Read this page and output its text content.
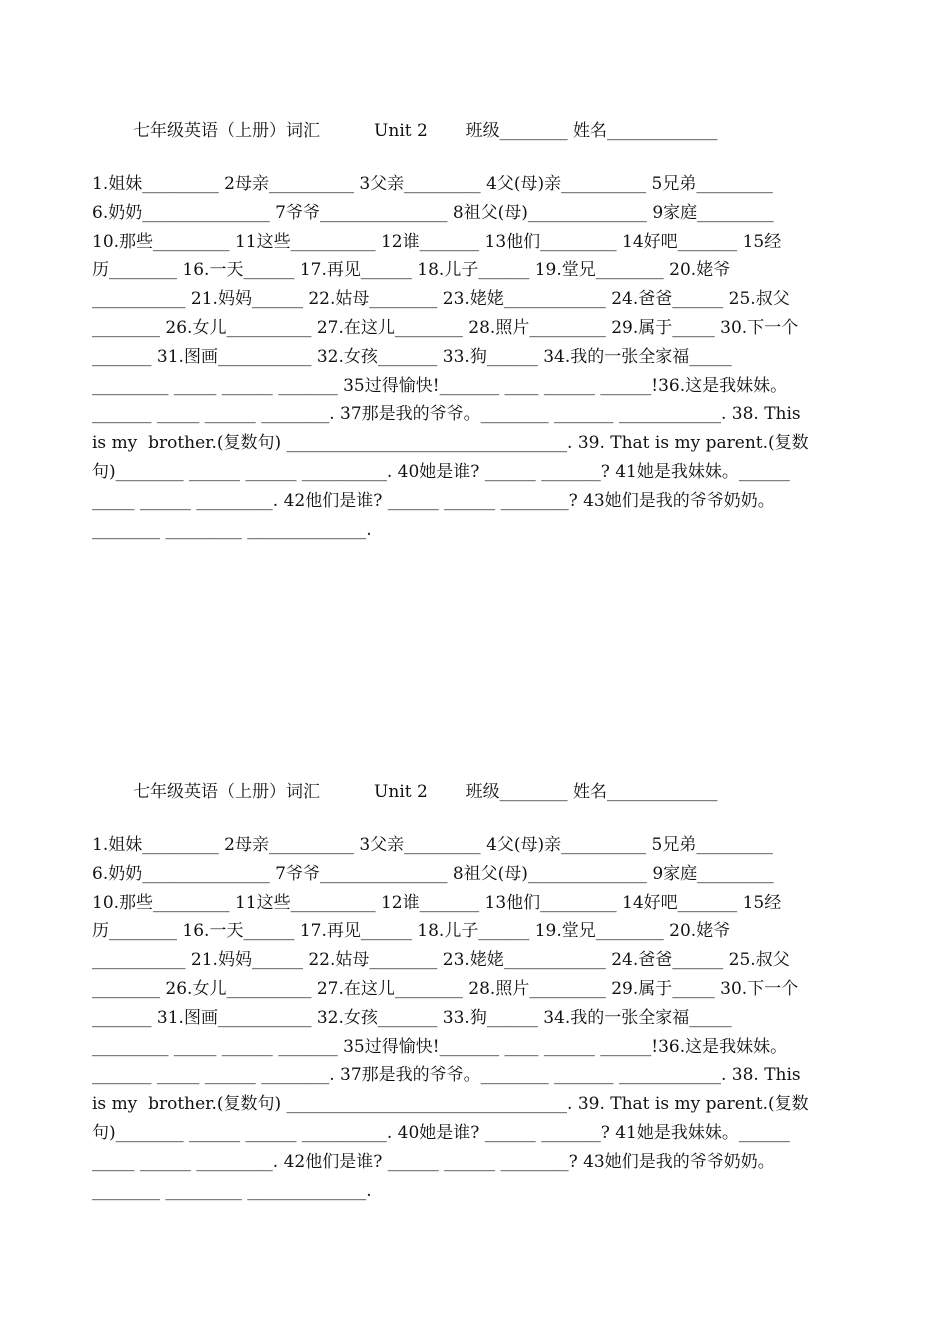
七年级英语（上册）词汇          Unit 2       班级________ 姓名_____________
1.姐妹_________ 2母亲__________ 3父亲_________ 4父(母)亲__________ 5兄弟_________
6.奶奶_______________ 7爷爷_______________ 8祖父(母)______________ 9家庭_________
10.那些_________ 11这些__________ 12谁_______ 13他们_________ 14好吧_______ 15经
历________ 16.一天______ 17.再见______ 18.儿子______ 19.堂兄________ 20.姥爷
___________ 21.妈妈______ 22.姑母________ 23.姥姥____________ 24.爸爸______ 25.叔父
________ 26.女儿__________ 27.在这儿________ 28.照片_________ 29.属于_____ 30.下一个
_______ 31.图画___________ 32.女孩_______ 33.狗______ 34.我的一张全家福_____
_________ _____ ______ _______ 35过得愉快!_______ ____ ______ ______!36.这是我妹妹。
_______ _____ ______ ________. 37那是我的爷爷。________ _______ ____________. 38. This
is my  brother.(复数句) _________________________________. 39. That is my parent.(复数
句)________ ______ ______ __________. 40她是谁? ______ _______? 41她是我妹妹。______
_____ ______ _________. 42他们是谁? ______ ______ ________? 43她们是我的爷爷奶奶。
________ _________ ______________.
七年级英语（上册）词汇          Unit 2       班级________ 姓名_____________
1.姐妹_________ 2母亲__________ 3父亲_________ 4父(母)亲__________ 5兄弟_________
6.奶奶_______________ 7爷爷_______________ 8祖父(母)______________ 9家庭_________
10.那些_________ 11这些__________ 12谁_______ 13他们_________ 14好吧_______ 15经
历________ 16.一天______ 17.再见______ 18.儿子______ 19.堂兄________ 20.姥爷
___________ 21.妈妈______ 22.姑母________ 23.姥姥____________ 24.爸爸______ 25.叔父
________ 26.女儿__________ 27.在这儿________ 28.照片_________ 29.属于_____ 30.下一个
_______ 31.图画___________ 32.女孩_______ 33.狗______ 34.我的一张全家福_____
_________ _____ ______ _______ 35过得愉快!_______ ____ ______ ______!36.这是我妹妹。
_______ _____ ______ ________. 37那是我的爷爷。________ _______ ____________. 38. This
is my  brother.(复数句) _________________________________. 39. That is my parent.(复数
句)________ ______ ______ __________. 40她是谁? ______ _______? 41她是我妹妹。______
_____ ______ _________. 42他们是谁? ______ ______ ________? 43她们是我的爷爷奶奶。
________ _________ ______________.
